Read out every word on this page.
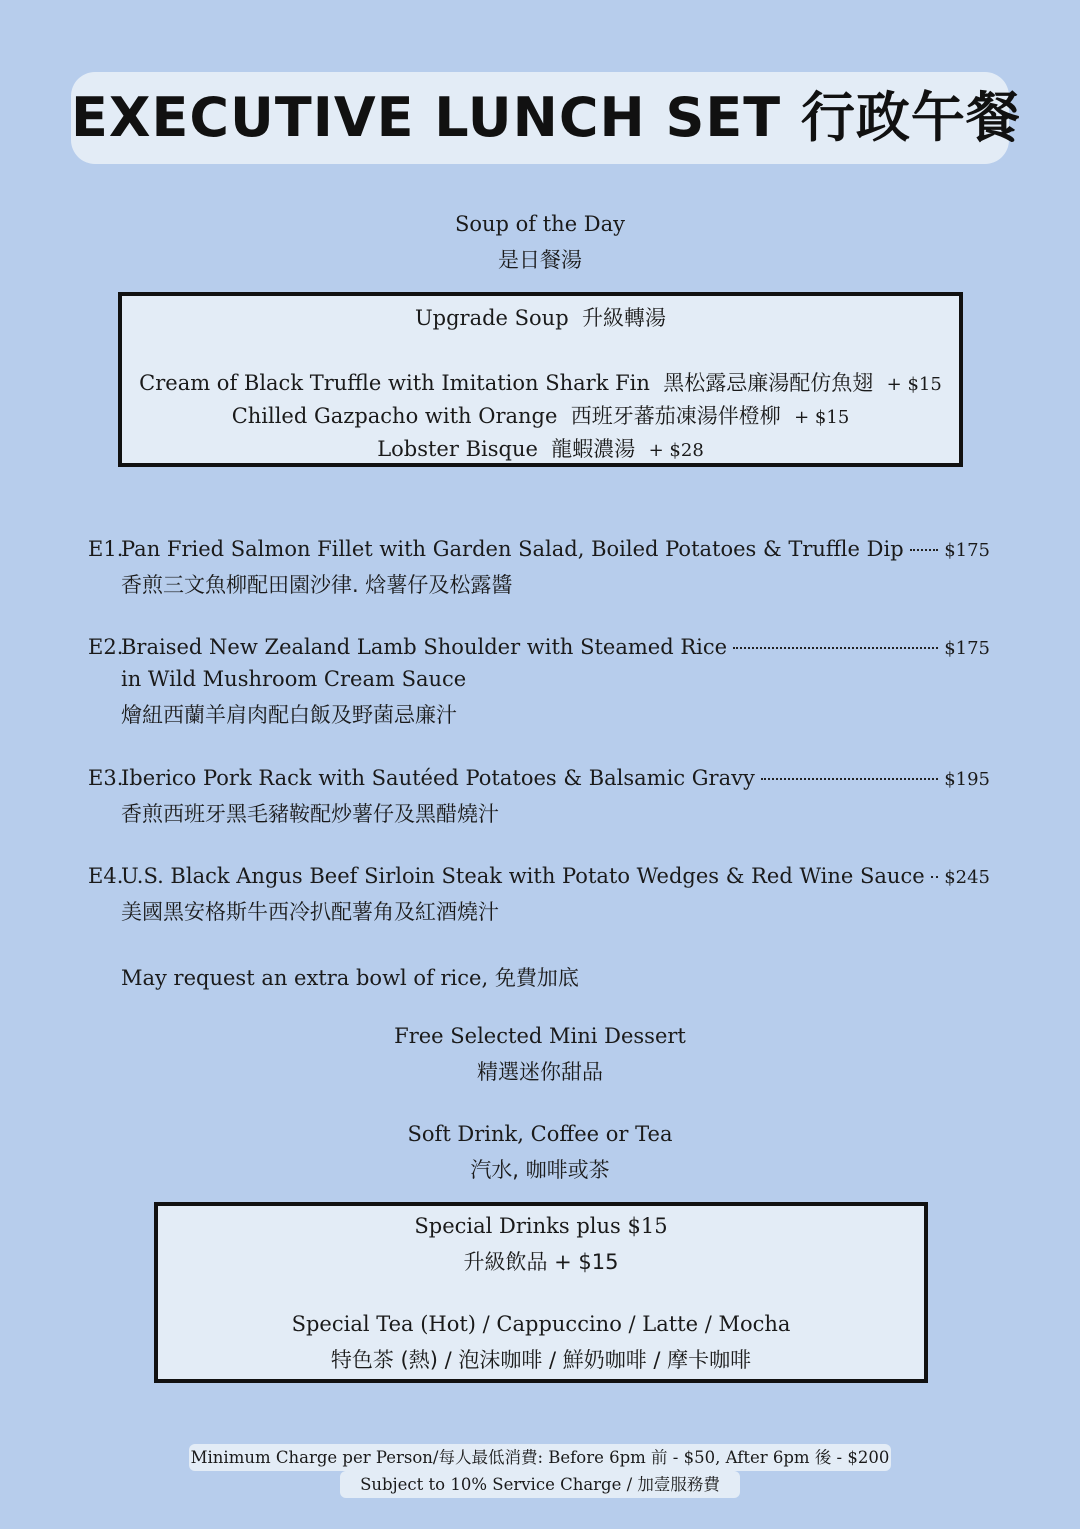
EXECUTIVE LUNCH SET 行政午餐
Soup of the Day
是日餐湯
Upgrade Soup 升級轉湯
Cream of Black Truffle with Imitation Shark Fin 黑松露忌廉湯配仿魚翅 + $15
Chilled Gazpacho with Orange 西班牙蕃茄凍湯伴橙柳 + $15
Lobster Bisque 龍蝦濃湯 + $28
E1.
Pan Fried Salmon Fillet with Garden Salad, Boiled Potatoes & Truffle Dip $175
香煎三文魚柳配田園沙律. 焓薯仔及松露醬
E2.
Braised New Zealand Lamb Shoulder with Steamed Rice	$175
in Wild Mushroom Cream Sauce
燴紐西蘭羊肩肉配白飯及野菌忌廉汁
E3.
Iberico Pork Rack with Sautéed Potatoes & Balsamic Gravy	$195
香煎西班牙黑毛豬鞍配炒薯仔及黑醋燒汁
E4.
U.S. Black Angus Beef Sirloin Steak with Potato Wedges & Red Wine Sauce $245
美國黑安格斯牛西冷扒配薯角及紅酒燒汁
May request an extra bowl of rice, 免費加底
Free Selected Mini Dessert
精選迷你甜品
Soft Drink, Coffee or Tea
汽水, 咖啡或茶
Special Drinks plus $15
升級飲品 + $15
Special Tea (Hot) / Cappuccino / Latte / Mocha
特色茶 (熱) / 泡沫咖啡 / 鮮奶咖啡 / 摩卡咖啡
Minimum Charge per Person/每人最低消費: Before 6pm 前 - $50, After 6pm 後 - $200
Subject to 10% Service Charge / 加壹服務費
